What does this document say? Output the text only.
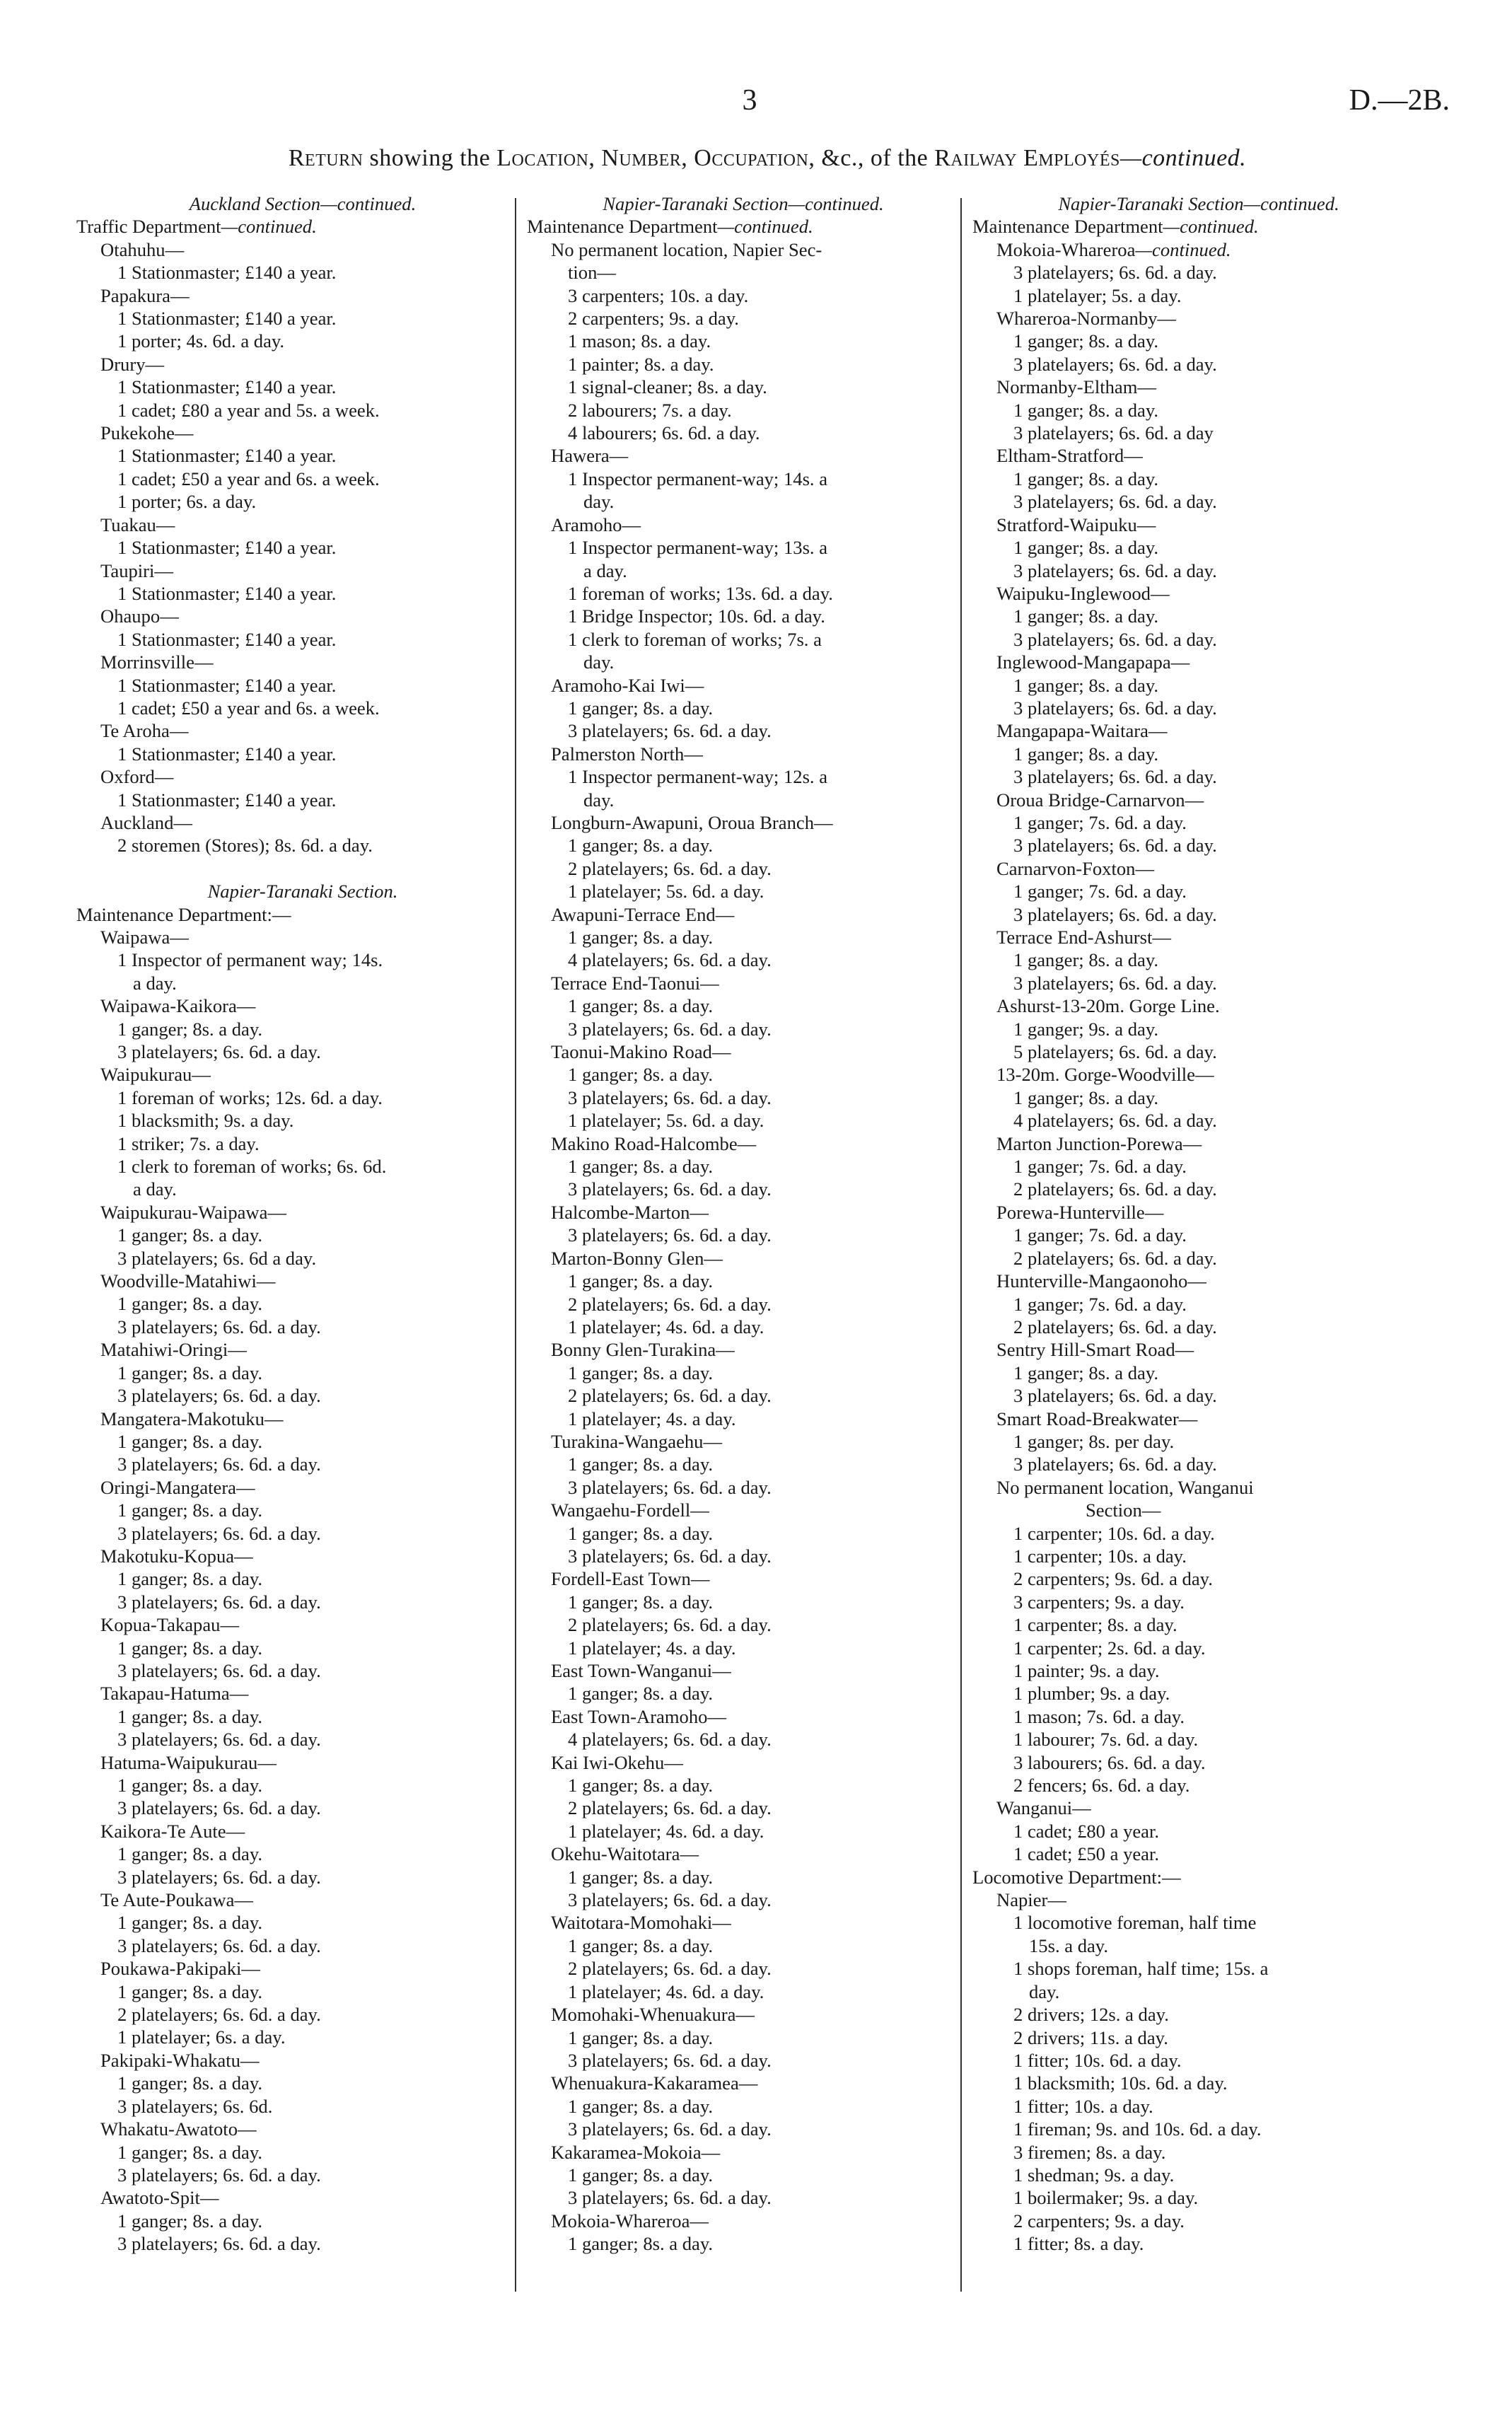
3	D.—2B.
Return showing the Location, Number, Occupation, &c., of the Railway Employés—continued.
Auckland Section—continued.
Traffic Department—continued.
Otahuhu—
1 Stationmaster; £140 a year.
Papakura—
1 Stationmaster; £140 a year.
1 porter; 4s. 6d. a day.
Drury—
1 Stationmaster; £140 a year.
1 cadet; £80 a year and 5s. a week.
Pukekohe—
1 Stationmaster; £140 a year.
1 cadet; £50 a year and 6s. a week.
1 porter; 6s. a day.
Tuakau—
1 Stationmaster; £140 a year.
Taupiri—
1 Stationmaster; £140 a year.
Ohaupo—
1 Stationmaster; £140 a year.
Morrinsville—
1 Stationmaster; £140 a year.
1 cadet; £50 a year and 6s. a week.
Te Aroha—
1 Stationmaster; £140 a year.
Oxford—
1 Stationmaster; £140 a year.
Auckland—
2 storemen (Stores); 8s. 6d. a day.
Napier-Taranaki Section.
Maintenance Department:—
Waipawa—
1 Inspector of permanent way; 14s.
a day.
Waipawa-Kaikora—
1 ganger; 8s. a day.
3 platelayers; 6s. 6d. a day.
Waipukurau—
1 foreman of works; 12s. 6d. a day.
1 blacksmith; 9s. a day.
1 striker; 7s. a day.
1 clerk to foreman of works; 6s. 6d.
a day.
Waipukurau-Waipawa—
1 ganger; 8s. a day.
3 platelayers; 6s. 6d a day.
Woodville-Matahiwi—
1 ganger; 8s. a day.
3 platelayers; 6s. 6d. a day.
Matahiwi-Oringi—
1 ganger; 8s. a day.
3 platelayers; 6s. 6d. a day.
Mangatera-Makotuku—
1 ganger; 8s. a day.
3 platelayers; 6s. 6d. a day.
Oringi-Mangatera—
1 ganger; 8s. a day.
3 platelayers; 6s. 6d. a day.
Makotuku-Kopua—
1 ganger; 8s. a day.
3 platelayers; 6s. 6d. a day.
Kopua-Takapau—
1 ganger; 8s. a day.
3 platelayers; 6s. 6d. a day.
Takapau-Hatuma—
1 ganger; 8s. a day.
3 platelayers; 6s. 6d. a day.
Hatuma-Waipukurau—
1 ganger; 8s. a day.
3 platelayers; 6s. 6d. a day.
Kaikora-Te Aute—
1 ganger; 8s. a day.
3 platelayers; 6s. 6d. a day.
Te Aute-Poukawa—
1 ganger; 8s. a day.
3 platelayers; 6s. 6d. a day.
Poukawa-Pakipaki—
1 ganger; 8s. a day.
2 platelayers; 6s. 6d. a day.
1 platelayer; 6s. a day.
Pakipaki-Whakatu—
1 ganger; 8s. a day.
3 platelayers; 6s. 6d.
Whakatu-Awatoto—
1 ganger; 8s. a day.
3 platelayers; 6s. 6d. a day.
Awatoto-Spit—
1 ganger; 8s. a day.
3 platelayers; 6s. 6d. a day.
Napier-Taranaki Section—continued.
Maintenance Department—continued.
No permanent location, Napier Sec-
tion—
3 carpenters; 10s. a day.
2 carpenters; 9s. a day.
1 mason; 8s. a day.
1 painter; 8s. a day.
1 signal-cleaner; 8s. a day.
2 labourers; 7s. a day.
4 labourers; 6s. 6d. a day.
Hawera—
1 Inspector permanent-way; 14s. a
day.
Aramoho—
1 Inspector permanent-way; 13s. a
a day.
1 foreman of works; 13s. 6d. a day.
1 Bridge Inspector; 10s. 6d. a day.
1 clerk to foreman of works; 7s. a
day.
Aramoho-Kai Iwi—
1 ganger; 8s. a day.
3 platelayers; 6s. 6d. a day.
Palmerston North—
1 Inspector permanent-way; 12s. a
day.
Longburn-Awapuni, Oroua Branch—
1 ganger; 8s. a day.
2 platelayers; 6s. 6d. a day.
1 platelayer; 5s. 6d. a day.
Awapuni-Terrace End—
1 ganger; 8s. a day.
4 platelayers; 6s. 6d. a day.
Terrace End-Taonui—
1 ganger; 8s. a day.
3 platelayers; 6s. 6d. a day.
Taonui-Makino Road—
1 ganger; 8s. a day.
3 platelayers; 6s. 6d. a day.
1 platelayer; 5s. 6d. a day.
Makino Road-Halcombe—
1 ganger; 8s. a day.
3 platelayers; 6s. 6d. a day.
Halcombe-Marton—
3 platelayers; 6s. 6d. a day.
Marton-Bonny Glen—
1 ganger; 8s. a day.
2 platelayers; 6s. 6d. a day.
1 platelayer; 4s. 6d. a day.
Bonny Glen-Turakina—
1 ganger; 8s. a day.
2 platelayers; 6s. 6d. a day.
1 platelayer; 4s. a day.
Turakina-Wangaehu—
1 ganger; 8s. a day.
3 platelayers; 6s. 6d. a day.
Wangaehu-Fordell—
1 ganger; 8s. a day.
3 platelayers; 6s. 6d. a day.
Fordell-East Town—
1 ganger; 8s. a day.
2 platelayers; 6s. 6d. a day.
1 platelayer; 4s. a day.
East Town-Wanganui—
1 ganger; 8s. a day.
East Town-Aramoho—
4 platelayers; 6s. 6d. a day.
Kai Iwi-Okehu—
1 ganger; 8s. a day.
2 platelayers; 6s. 6d. a day.
1 platelayer; 4s. 6d. a day.
Okehu-Waitotara—
1 ganger; 8s. a day.
3 platelayers; 6s. 6d. a day.
Waitotara-Momohaki—
1 ganger; 8s. a day.
2 platelayers; 6s. 6d. a day.
1 platelayer; 4s. 6d. a day.
Momohaki-Whenuakura—
1 ganger; 8s. a day.
3 platelayers; 6s. 6d. a day.
Whenuakura-Kakaramea—
1 ganger; 8s. a day.
3 platelayers; 6s. 6d. a day.
Kakaramea-Mokoia—
1 ganger; 8s. a day.
3 platelayers; 6s. 6d. a day.
Mokoia-Whareroa—
1 ganger; 8s. a day.
Napier-Taranaki Section—continued.
Maintenance Department—continued.
Mokoia-Whareroa—continued.
3 platelayers; 6s. 6d. a day.
1 platelayer; 5s. a day.
Whareroa-Normanby—
1 ganger; 8s. a day.
3 platelayers; 6s. 6d. a day.
Normanby-Eltham—
1 ganger; 8s. a day.
3 platelayers; 6s. 6d. a day
Eltham-Stratford—
1 ganger; 8s. a day.
3 platelayers; 6s. 6d. a day.
Stratford-Waipuku—
1 ganger; 8s. a day.
3 platelayers; 6s. 6d. a day.
Waipuku-Inglewood—
1 ganger; 8s. a day.
3 platelayers; 6s. 6d. a day.
Inglewood-Mangapapa—
1 ganger; 8s. a day.
3 platelayers; 6s. 6d. a day.
Mangapapa-Waitara—
1 ganger; 8s. a day.
3 platelayers; 6s. 6d. a day.
Oroua Bridge-Carnarvon—
1 ganger; 7s. 6d. a day.
3 platelayers; 6s. 6d. a day.
Carnarvon-Foxton—
1 ganger; 7s. 6d. a day.
3 platelayers; 6s. 6d. a day.
Terrace End-Ashurst—
1 ganger; 8s. a day.
3 platelayers; 6s. 6d. a day.
Ashurst-13-20m. Gorge Line.
1 ganger; 9s. a day.
5 platelayers; 6s. 6d. a day.
13-20m. Gorge-Woodville—
1 ganger; 8s. a day.
4 platelayers; 6s. 6d. a day.
Marton Junction-Porewa—
1 ganger; 7s. 6d. a day.
2 platelayers; 6s. 6d. a day.
Porewa-Hunterville—
1 ganger; 7s. 6d. a day.
2 platelayers; 6s. 6d. a day.
Hunterville-Mangaonoho—
1 ganger; 7s. 6d. a day.
2 platelayers; 6s. 6d. a day.
Sentry Hill-Smart Road—
1 ganger; 8s. a day.
3 platelayers; 6s. 6d. a day.
Smart Road-Breakwater—
1 ganger; 8s. per day.
3 platelayers; 6s. 6d. a day.
No permanent location, Wanganui
Section—
1 carpenter; 10s. 6d. a day.
1 carpenter; 10s. a day.
2 carpenters; 9s. 6d. a day.
3 carpenters; 9s. a day.
1 carpenter; 8s. a day.
1 carpenter; 2s. 6d. a day.
1 painter; 9s. a day.
1 plumber; 9s. a day.
1 mason; 7s. 6d. a day.
1 labourer; 7s. 6d. a day.
3 labourers; 6s. 6d. a day.
2 fencers; 6s. 6d. a day.
Wanganui—
1 cadet; £80 a year.
1 cadet; £50 a year.
Locomotive Department:—
Napier—
1 locomotive foreman, half time
15s. a day.
1 shops foreman, half time; 15s. a
day.
2 drivers; 12s. a day.
2 drivers; 11s. a day.
1 fitter; 10s. 6d. a day.
1 blacksmith; 10s. 6d. a day.
1 fitter; 10s. a day.
1 fireman; 9s. and 10s. 6d. a day.
3 firemen; 8s. a day.
1 shedman; 9s. a day.
1 boilermaker; 9s. a day.
2 carpenters; 9s. a day.
1 fitter; 8s. a day.
